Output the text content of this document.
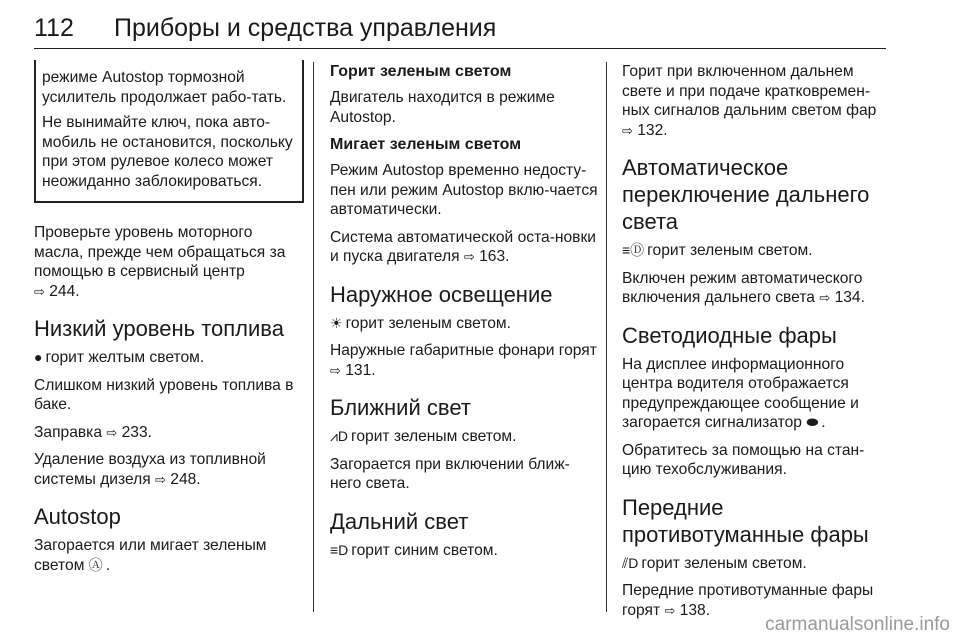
112 Приборы и средства управления

режиме Autostop тормозной усилитель продолжает рабо-тать.

Не вынимайте ключ, пока авто-мобиль не остановится, поскольку при этом рулевое колесо может неожиданно заблокироваться.

Проверьте уровень моторного масла, прежде чем обращаться за помощью в сервисный центр
⇨ 244.

Низкий уровень топлива

● горит желтым светом.

Слишком низкий уровень топлива в баке.

Заправка ⇨ 233.

Удаление воздуха из топливной системы дизеля ⇨ 248.

Autostop

Загорается или мигает зеленым светом Ⓐ .

Горит зеленым светом

Двигатель находится в режиме Autostop.

Мигает зеленым светом

Режим Autostop временно недосту-пен или режим Autostop вклю-чается автоматически.

Система автоматической оста-новки и пуска двигателя ⇨ 163.

Наружное освещение

☀ горит зеленым светом.

Наружные габаритные фонари горят ⇨ 131.

Ближний свет

⩘D горит зеленым светом.

Загорается при включении ближ-него света.

Дальний свет

≡D горит синим светом.

Горит при включенном дальнем свете и при подаче кратковремен-ных сигналов дальним светом фар
⇨ 132.

Автоматическое переключение дальнего света

≡Ⓓ горит зеленым светом.

Включен режим автоматического включения дальнего света ⇨ 134.

Светодиодные фары

На дисплее информационного центра водителя отображается предупреждающее сообщение и загорается сигнализатор ⬬ .

Обратитесь за помощью на стан-цию техобслуживания.

Передние противотуманные фары

⫽D горит зеленым светом.

Передние противотуманные фары горят ⇨ 138.

carmanualsonline.info
